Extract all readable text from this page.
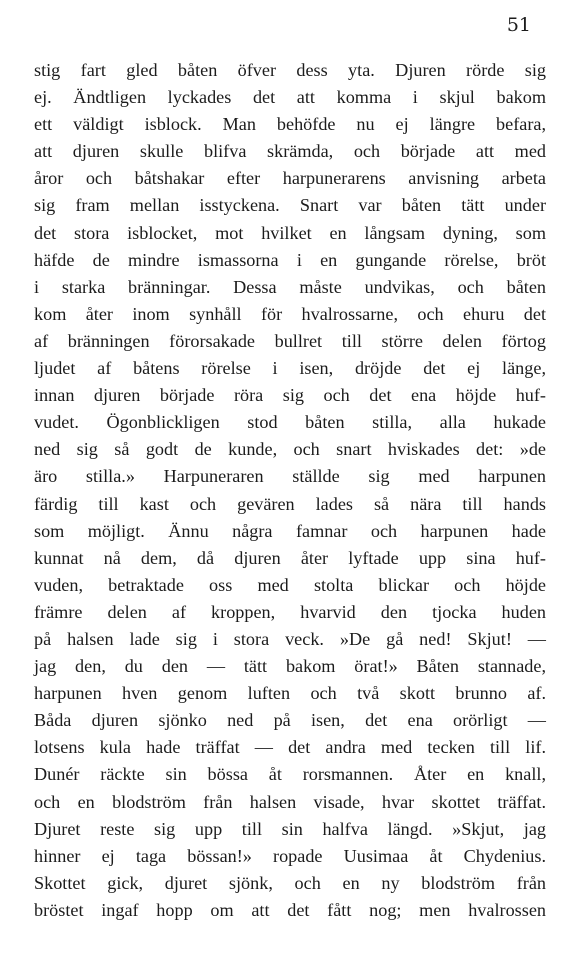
51

stig fart gled båten öfver dess yta. Djuren rörde sig
ej. Ändtligen lyckades det att komma i skjul bakom
ett väldigt isblock. Man behöfde nu ej längre befara,
att djuren skulle blifva skrämda, och började att med
åror och båtshakar efter harpunerarens anvisning arbeta
sig fram mellan isstyckena. Snart var båten tätt under
det stora isblocket, mot hvilket en långsam dyning, som
häfde de mindre ismassorna i en gungande rörelse, bröt
i starka bränningar. Dessa måste undvikas, och båten
kom åter inom synhåll för hvalrossarne, och ehuru det
af bränningen förorsakade bullret till större delen förtog
ljudet af båtens rörelse i isen, dröjde det ej länge,
innan djuren började röra sig och det ena höjde huf-
vudet. Ögonblickligen stod båten stilla, alla hukade
ned sig så godt de kunde, och snart hviskades det: »de
äro stilla.» Harpuneraren ställde sig med harpunen
färdig till kast och gevären lades så nära till hands
som möjligt. Ännu några famnar och harpunen hade
kunnat nå dem, då djuren åter lyftade upp sina huf-
vuden, betraktade oss med stolta blickar och höjde
främre delen af kroppen, hvarvid den tjocka huden
på halsen lade sig i stora veck. »De gå ned! Skjut! —
jag den, du den — tätt bakom örat!» Båten stannade,
harpunen hven genom luften och två skott brunno af.
Båda djuren sjönko ned på isen, det ena orörligt —
lotsens kula hade träffat — det andra med tecken till lif.
Dunér räckte sin bössa åt rorsmannen. Åter en knall,
och en blodström från halsen visade, hvar skottet träffat.
Djuret reste sig upp till sin halfva längd. »Skjut, jag
hinner ej taga bössan!» ropade Uusimaa åt Chydenius.
Skottet gick, djuret sjönk, och en ny blodström från
bröstet ingaf hopp om att det fått nog; men hvalrossen
